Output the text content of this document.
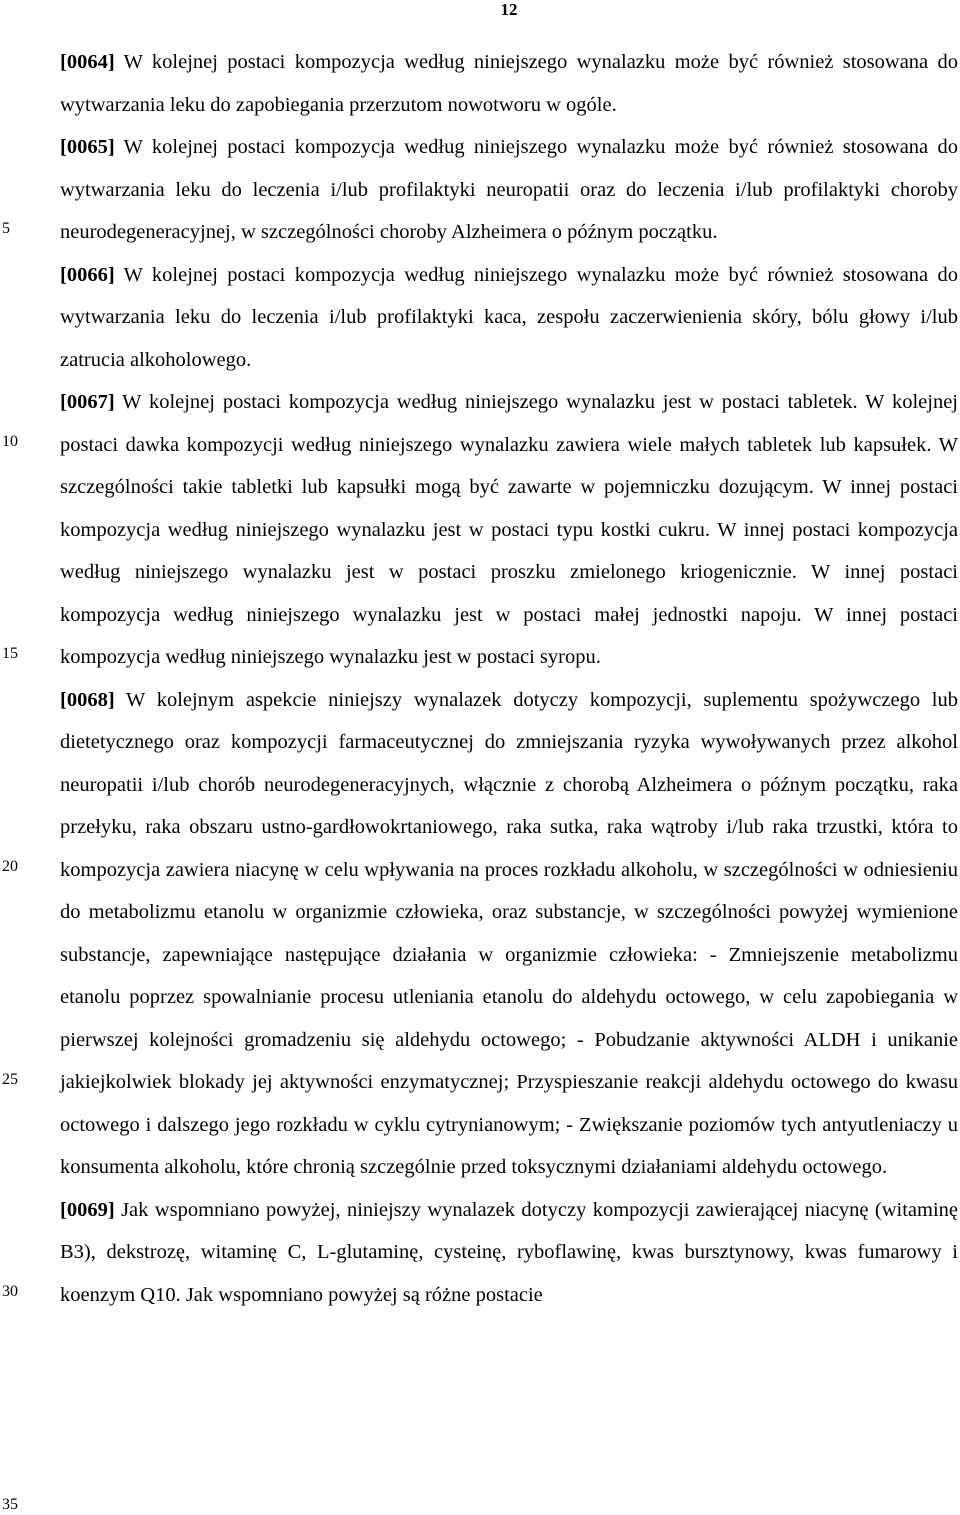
12
5
10
15
20
25
30
35

[0064] W kolejnej postaci kompozycja według niniejszego wynalazku może być również stosowana do wytwarzania leku do zapobiegania przerzutom nowotworu w ogóle.

[0065] W kolejnej postaci kompozycja według niniejszego wynalazku może być również stosowana do wytwarzania leku do leczenia i/lub profilaktyki neuropatii oraz do leczenia i/lub profilaktyki choroby neurodegeneracyjnej, w szczególności choroby Alzheimera o późnym początku.

[0066] W kolejnej postaci kompozycja według niniejszego wynalazku może być również stosowana do wytwarzania leku do leczenia i/lub profilaktyki kaca, zespołu zaczerwienienia skóry, bólu głowy i/lub zatrucia alkoholowego.

[0067] W kolejnej postaci kompozycja według niniejszego wynalazku jest w postaci tabletek. W kolejnej postaci dawka kompozycji według niniejszego wynalazku zawiera wiele małych tabletek lub kapsułek. W szczególności takie tabletki lub kapsułki mogą być zawarte w pojemniczku dozującym. W innej postaci kompozycja według niniejszego wynalazku jest w postaci typu kostki cukru. W innej postaci kompozycja według niniejszego wynalazku jest w postaci proszku zmielonego kriogenicznie. W innej postaci kompozycja według niniejszego wynalazku jest w postaci małej jednostki napoju. W innej postaci kompozycja według niniejszego wynalazku jest w postaci syropu.

[0068] W kolejnym aspekcie niniejszy wynalazek dotyczy kompozycji, suplementu spożywczego lub dietetycznego oraz kompozycji farmaceutycznej do zmniejszania ryzyka wywoływanych przez alkohol neuropatii i/lub chorób neurodegeneracyjnych, włącznie z chorobą Alzheimera o późnym początku, raka przełyku, raka obszaru ustno-gardłowokrtaniowego, raka sutka, raka wątroby i/lub raka trzustki, która to kompozycja zawiera niacynę w celu wpływania na proces rozkładu alkoholu, w szczególności w odniesieniu do metabolizmu etanolu w organizmie człowieka, oraz substancje, w szczególności powyżej wymienione substancje, zapewniające następujące działania w organizmie człowieka: - Zmniejszenie metabolizmu etanolu poprzez spowalnianie procesu utleniania etanolu do aldehydu octowego, w celu zapobiegania w pierwszej kolejności gromadzeniu się aldehydu octowego; - Pobudzanie aktywności ALDH i unikanie jakiejkolwiek blokady jej aktywności enzymatycznej; Przyspieszanie reakcji aldehydu octowego do kwasu octowego i dalszego jego rozkładu w cyklu cytrynianowym; - Zwiększanie poziomów tych antyutleniaczy u konsumenta alkoholu, które chronią szczególnie przed toksycznymi działaniami aldehydu octowego.

[0069] Jak wspomniano powyżej, niniejszy wynalazek dotyczy kompozycji zawierającej niacynę (witaminę B3), dekstrozę, witaminę C, L-glutaminę, cysteinę, ryboflawinę, kwas bursztynowy, kwas fumarowy i koenzym Q10. Jak wspomniano powyżej są różne postacie
